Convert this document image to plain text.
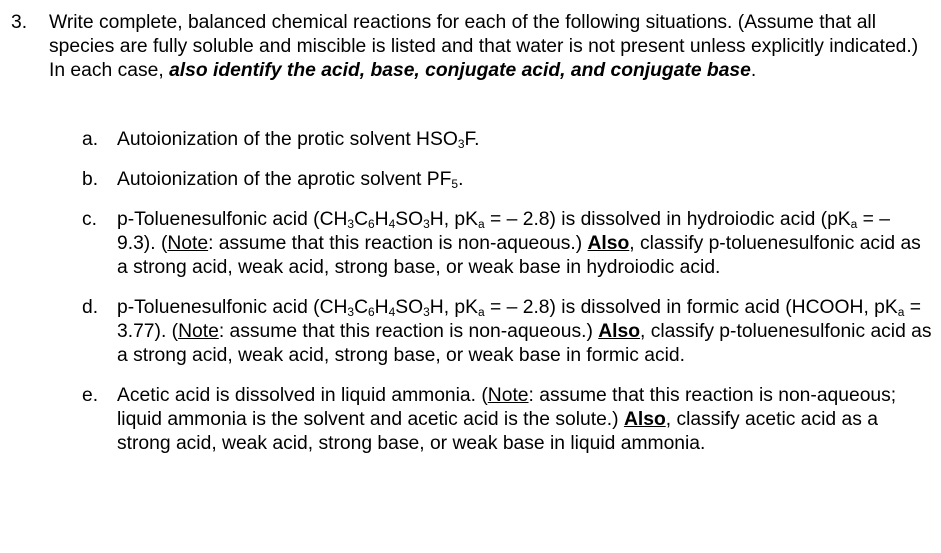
3.	Write complete, balanced chemical reactions for each of the following situations. (Assume that all species are fully soluble and miscible is listed and that water is not present unless explicitly indicated.) In each case, also identify the acid, base, conjugate acid, and conjugate base.
a. Autoionization of the protic solvent $HSO_3F$.
b. Autoionization of the aprotic solvent $PF_5$.
c. p-Toluenesulfonic acid ($CH_3C_6H_4SO_3H$, $pK_a$ = – 2.8) is dissolved in hydroiodic acid ($pK_a$ = – 9.3). (Note: assume that this reaction is non-aqueous.) Also, classify p-toluenesulfonic acid as a strong acid, weak acid, strong base, or weak base in hydroiodic acid.
d. p-Toluenesulfonic acid ($CH_3C_6H_4SO_3H$, $pK_a$ = – 2.8) is dissolved in formic acid (HCOOH, $pK_a = 3.77$). (Note: assume that this reaction is non-aqueous.) Also, classify p-toluenesulfonic acid as a strong acid, weak acid, strong base, or weak base in formic acid.
e. Acetic acid is dissolved in liquid ammonia. (Note: assume that this reaction is non-aqueous; liquid ammonia is the solvent and acetic acid is the solute.) Also, classify acetic acid as a strong acid, weak acid, strong base, or weak base in liquid ammonia.
